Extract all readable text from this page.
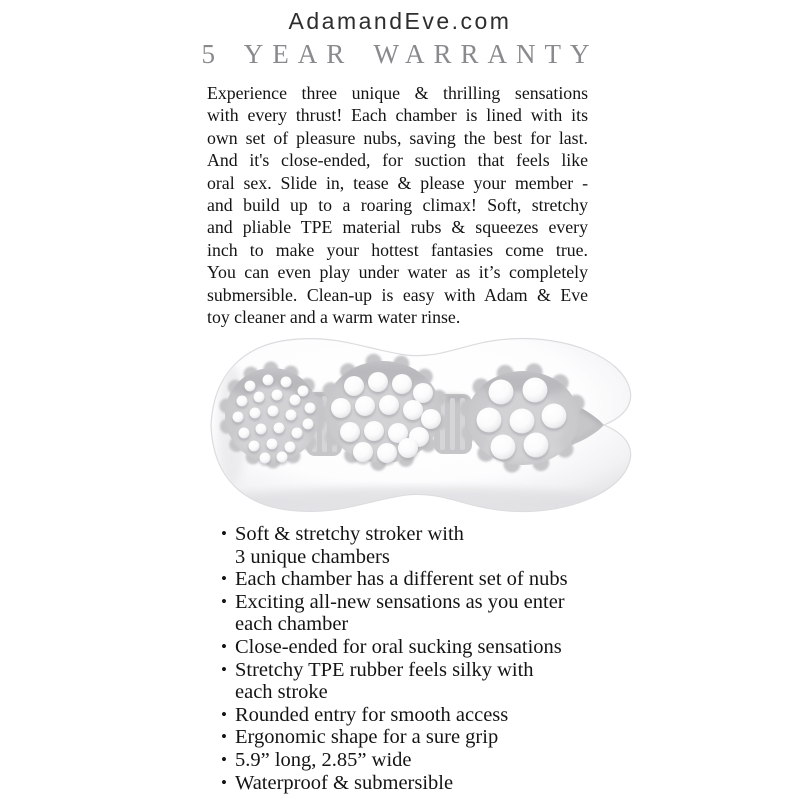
AdamandEve.com
5 YEAR WARRANTY
Experience three unique & thrilling sensations
with every thrust! Each chamber is lined with its
own set of pleasure nubs, saving the best for last.
And it's close-ended, for suction that feels like
oral sex. Slide in, tease & please your member -
and build up to a roaring climax! Soft, stretchy
and pliable TPE material rubs & squeezes every
inch to make your hottest fantasies come true.
You can even play under water as it’s completely
submersible. Clean-up is easy with Adam & Eve
toy cleaner and a warm water rinse.
• Soft & stretchy stroker with
3 unique chambers
• Each chamber has a different set of nubs
• Exciting all-new sensations as you enter
each chamber
• Close-ended for oral sucking sensations
• Stretchy TPE rubber feels silky with
each stroke
• Rounded entry for smooth access
• Ergonomic shape for a sure grip
• 5.9” long, 2.85” wide
• Waterproof & submersible
